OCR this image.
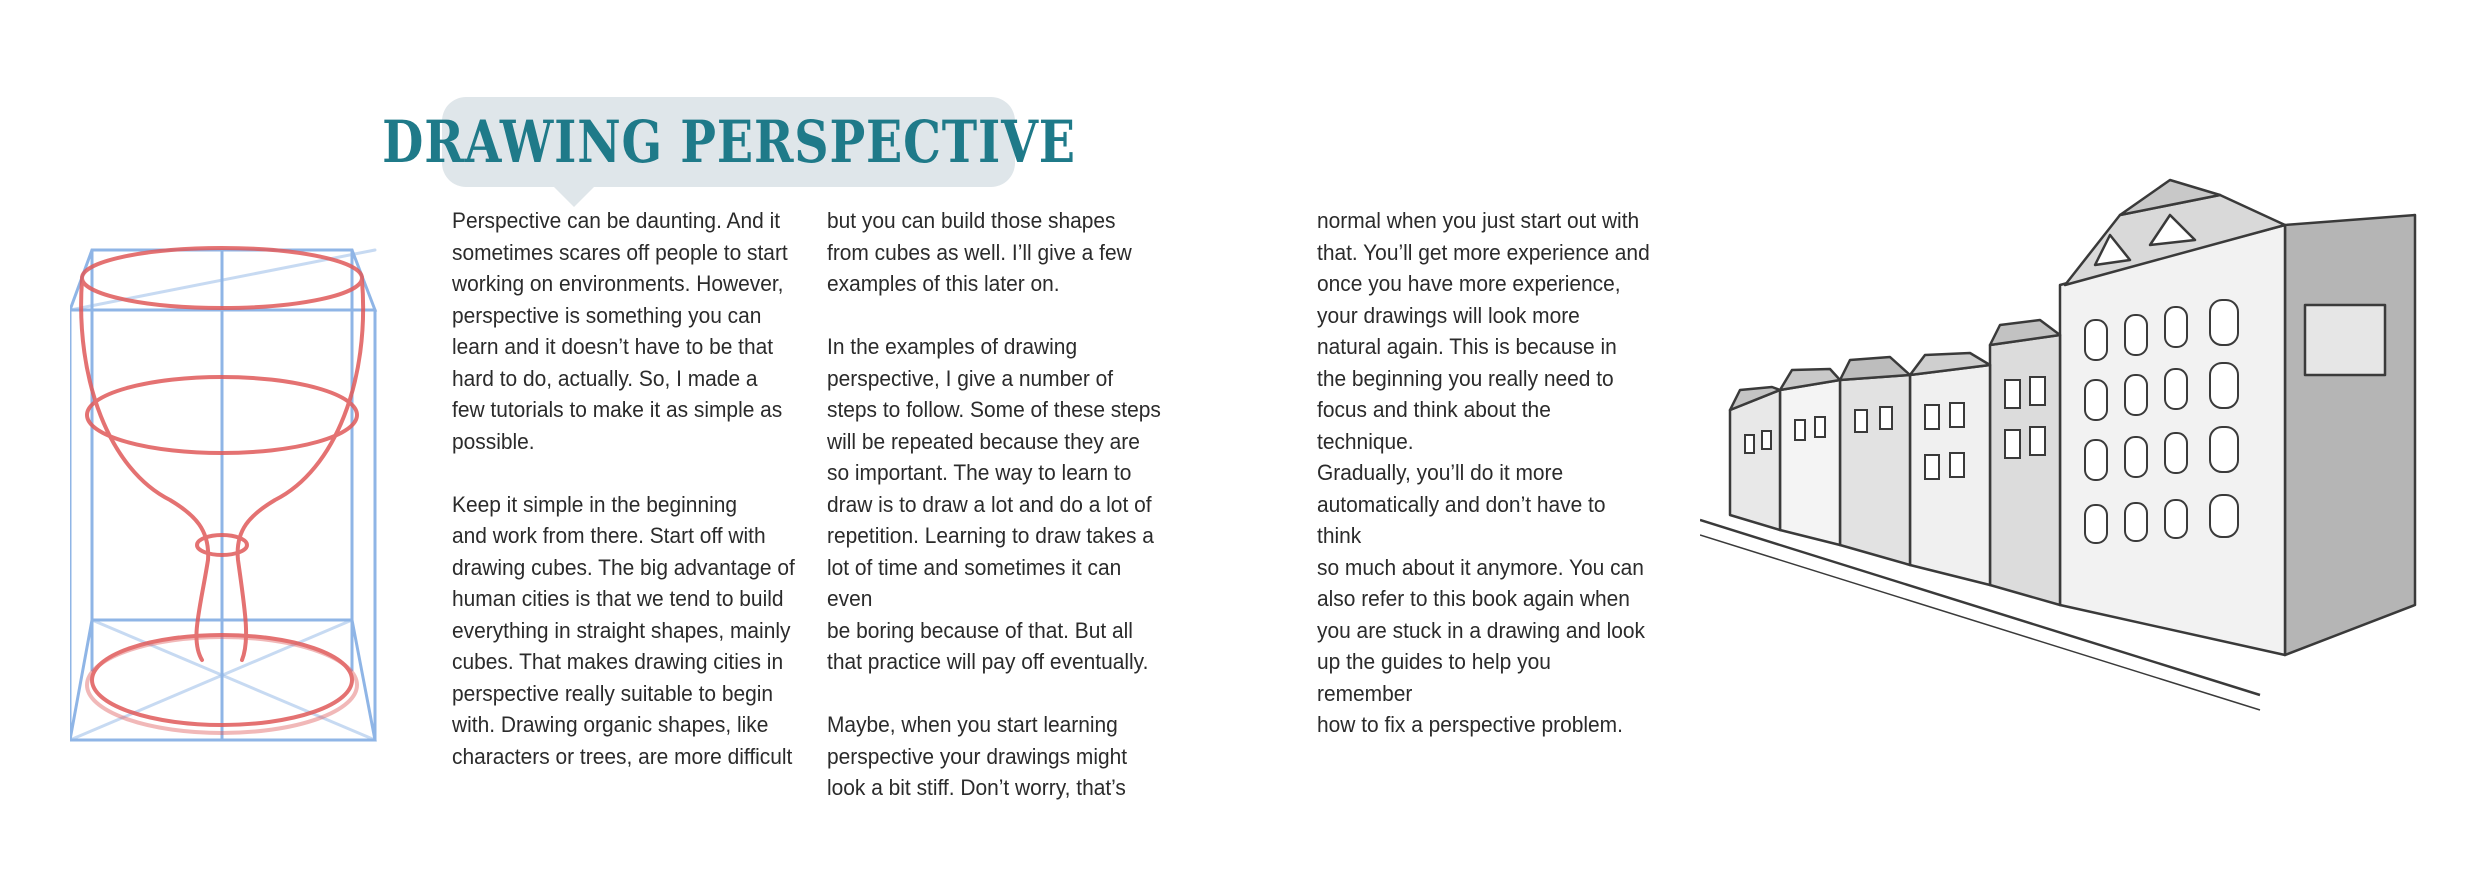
DRAWING PERSPECTIVE
Perspective can be daunting. And it
sometimes scares off people to start
working on environments. However,
perspective is something you can
learn and it doesn’t have to be that
hard to do, actually. So, I made a
few tutorials to make it as simple as
possible.

Keep it simple in the beginning
and work from there. Start off with
drawing cubes. The big advantage of
human cities is that we tend to build
everything in straight shapes, mainly
cubes. That makes drawing cities in
perspective really suitable to begin
with. Drawing organic shapes, like
characters or trees, are more difficult
but you can build those shapes
from cubes as well. I’ll give a few
examples of this later on.

In the examples of drawing
perspective, I give a number of
steps to follow. Some of these steps
will be repeated because they are
so important. The way to learn to
draw is to draw a lot and do a lot of
repetition. Learning to draw takes a
lot of time and sometimes it can even
be boring because of that. But all
that practice will pay off eventually.

Maybe, when you start learning
perspective your drawings might
look a bit stiff. Don’t worry, that’s
normal when you just start out with
that. You’ll get more experience and
once you have more experience,
your drawings will look more
natural again. This is because in
the beginning you really need to
focus and think about the technique.
Gradually, you’ll do it more
automatically and don’t have to think
so much about it anymore. You can
also refer to this book again when
you are stuck in a drawing and look
up the guides to help you remember
how to fix a perspective problem.
